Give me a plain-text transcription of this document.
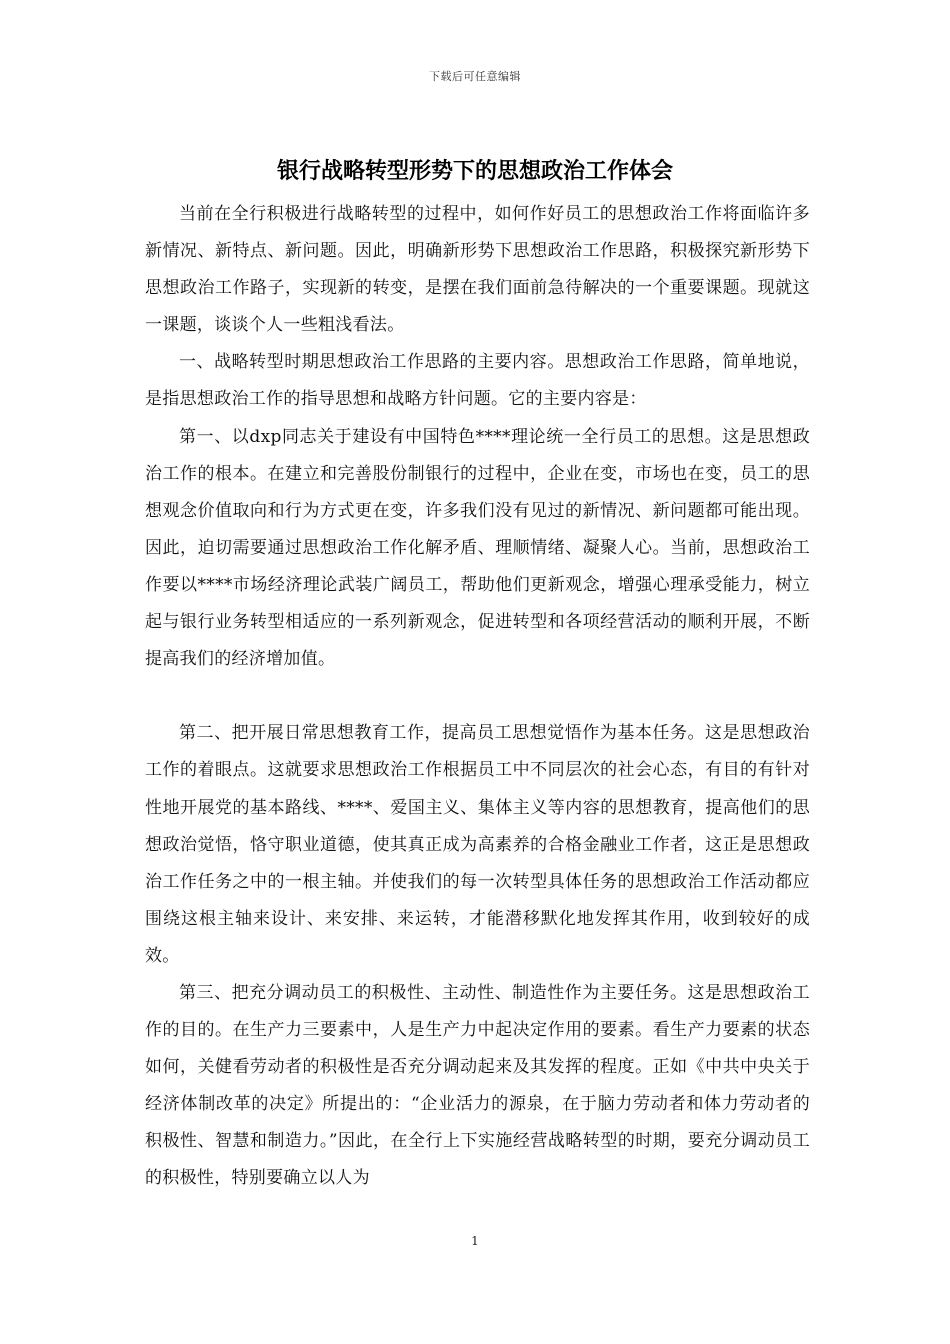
下载后可任意编辑
银行战略转型形势下的思想政治工作体会

当前在全行积极进行战略转型的过程中，如何作好员工的思想政治工作将面临许多新情况、新特点、新问题。因此，明确新形势下思想政治工作思路，积极探究新形势下思想政治工作路子，实现新的转变，是摆在我们面前急待解决的一个重要课题。现就这一课题，谈谈个人一些粗浅看法。

一、战略转型时期思想政治工作思路的主要内容。思想政治工作思路，简单地说，是指思想政治工作的指导思想和战略方针问题。它的主要内容是：

第一、以dxp同志关于建设有中国特色****理论统一全行员工的思想。这是思想政治工作的根本。在建立和完善股份制银行的过程中，企业在变，市场也在变，员工的思想观念价值取向和行为方式更在变，许多我们没有见过的新情况、新问题都可能出现。因此，迫切需要通过思想政治工作化解矛盾、理顺情绪、凝聚人心。当前，思想政治工作要以****市场经济理论武装广阔员工，帮助他们更新观念，增强心理承受能力，树立起与银行业务转型相适应的一系列新观念，促进转型和各项经营活动的顺利开展，不断提高我们的经济增加值。

第二、把开展日常思想教育工作，提高员工思想觉悟作为基本任务。这是思想政治工作的着眼点。这就要求思想政治工作根据员工中不同层次的社会心态，有目的有针对性地开展党的基本路线、****、爱国主义、集体主义等内容的思想教育，提高他们的思想政治觉悟，恪守职业道德，使其真正成为高素养的合格金融业工作者，这正是思想政治工作任务之中的一根主轴。并使我们的每一次转型具体任务的思想政治工作活动都应围绕这根主轴来设计、来安排、来运转，才能潜移默化地发挥其作用，收到较好的成效。

第三、把充分调动员工的积极性、主动性、制造性作为主要任务。这是思想政治工作的目的。在生产力三要素中，人是生产力中起决定作用的要素。看生产力要素的状态如何，关健看劳动者的积极性是否充分调动起来及其发挥的程度。正如《中共中央关于经济体制改革的决定》所提出的：“企业活力的源泉，在于脑力劳动者和体力劳动者的积极性、智慧和制造力。”因此，在全行上下实施经营战略转型的时期，要充分调动员工的积极性，特别要确立以人为

1
